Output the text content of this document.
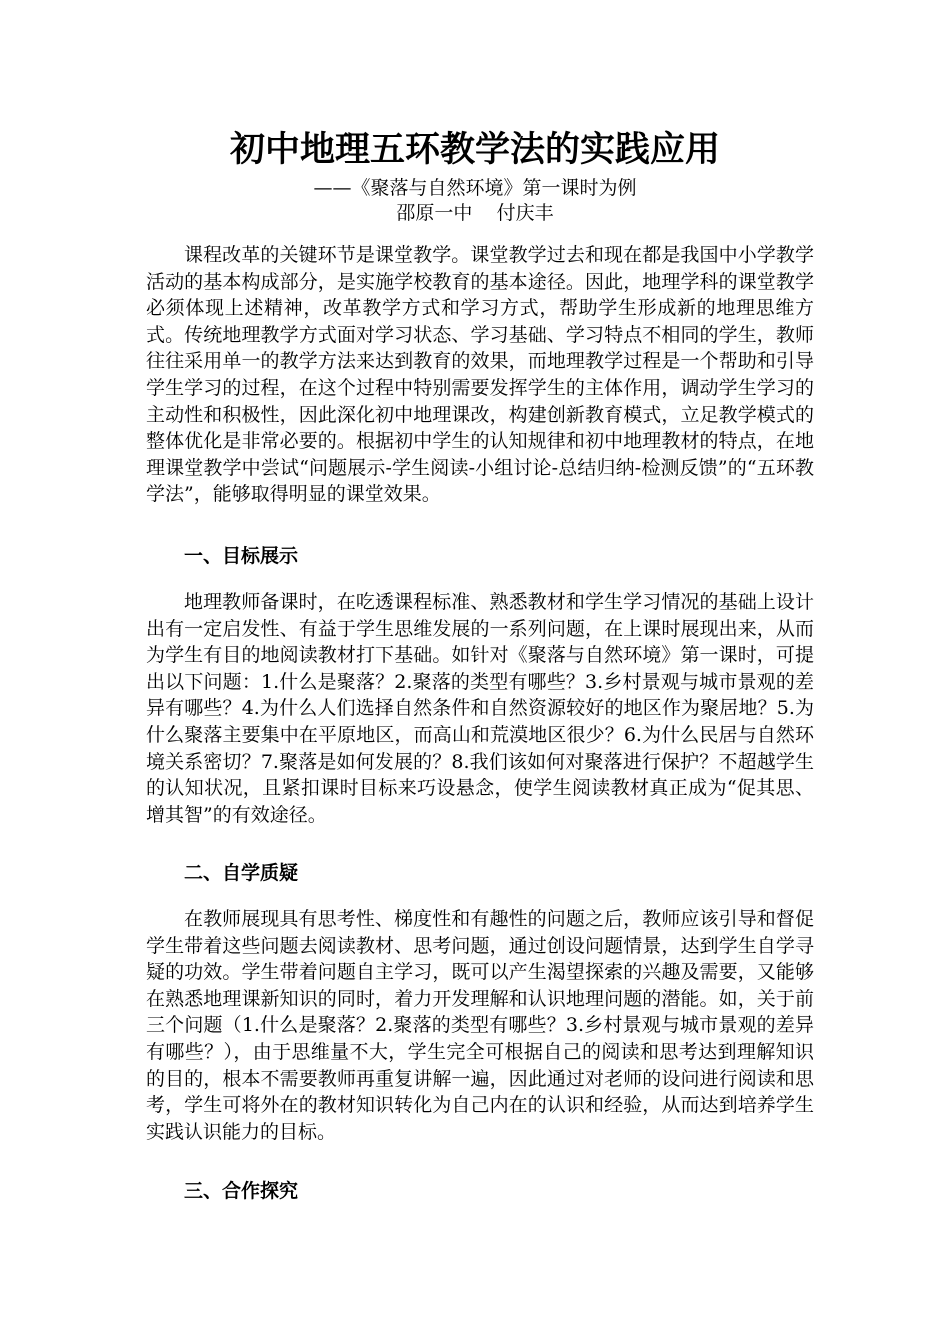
初中地理五环教学法的实践应用
——《聚落与自然环境》第一课时为例
邵原一中    付庆丰

课程改革的关键环节是课堂教学。课堂教学过去和现在都是我国中小学教学活动的基本构成部分，是实施学校教育的基本途径。因此，地理学科的课堂教学必须体现上述精神，改革教学方式和学习方式，帮助学生形成新的地理思维方式。传统地理教学方式面对学习状态、学习基础、学习特点不相同的学生，教师往往采用单一的教学方法来达到教育的效果，而地理教学过程是一个帮助和引导学生学习的过程，在这个过程中特别需要发挥学生的主体作用，调动学生学习的主动性和积极性，因此深化初中地理课改，构建创新教育模式，立足教学模式的整体优化是非常必要的。根据初中学生的认知规律和初中地理教材的特点，在地理课堂教学中尝试“问题展示-学生阅读-小组讨论-总结归纳-检测反馈”的“五环教学法”，能够取得明显的课堂效果。

一、目标展示

地理教师备课时，在吃透课程标准、熟悉教材和学生学习情况的基础上设计出有一定启发性、有益于学生思维发展的一系列问题，在上课时展现出来，从而为学生有目的地阅读教材打下基础。如针对《聚落与自然环境》第一课时，可提出以下问题：1.什么是聚落？2.聚落的类型有哪些？3.乡村景观与城市景观的差异有哪些？4.为什么人们选择自然条件和自然资源较好的地区作为聚居地？5.为什么聚落主要集中在平原地区，而高山和荒漠地区很少？6.为什么民居与自然环境关系密切？7.聚落是如何发展的？8.我们该如何对聚落进行保护？不超越学生的认知状况，且紧扣课时目标来巧设悬念，使学生阅读教材真正成为“促其思、增其智”的有效途径。

二、自学质疑

在教师展现具有思考性、梯度性和有趣性的问题之后，教师应该引导和督促学生带着这些问题去阅读教材、思考问题，通过创设问题情景，达到学生自学寻疑的功效。学生带着问题自主学习，既可以产生渴望探索的兴趣及需要，又能够在熟悉地理课新知识的同时，着力开发理解和认识地理问题的潜能。如，关于前三个问题（1.什么是聚落？2.聚落的类型有哪些？3.乡村景观与城市景观的差异有哪些？），由于思维量不大，学生完全可根据自己的阅读和思考达到理解知识的目的，根本不需要教师再重复讲解一遍，因此通过对老师的设问进行阅读和思考，学生可将外在的教材知识转化为自己内在的认识和经验，从而达到培养学生实践认识能力的目标。

三、合作探究
